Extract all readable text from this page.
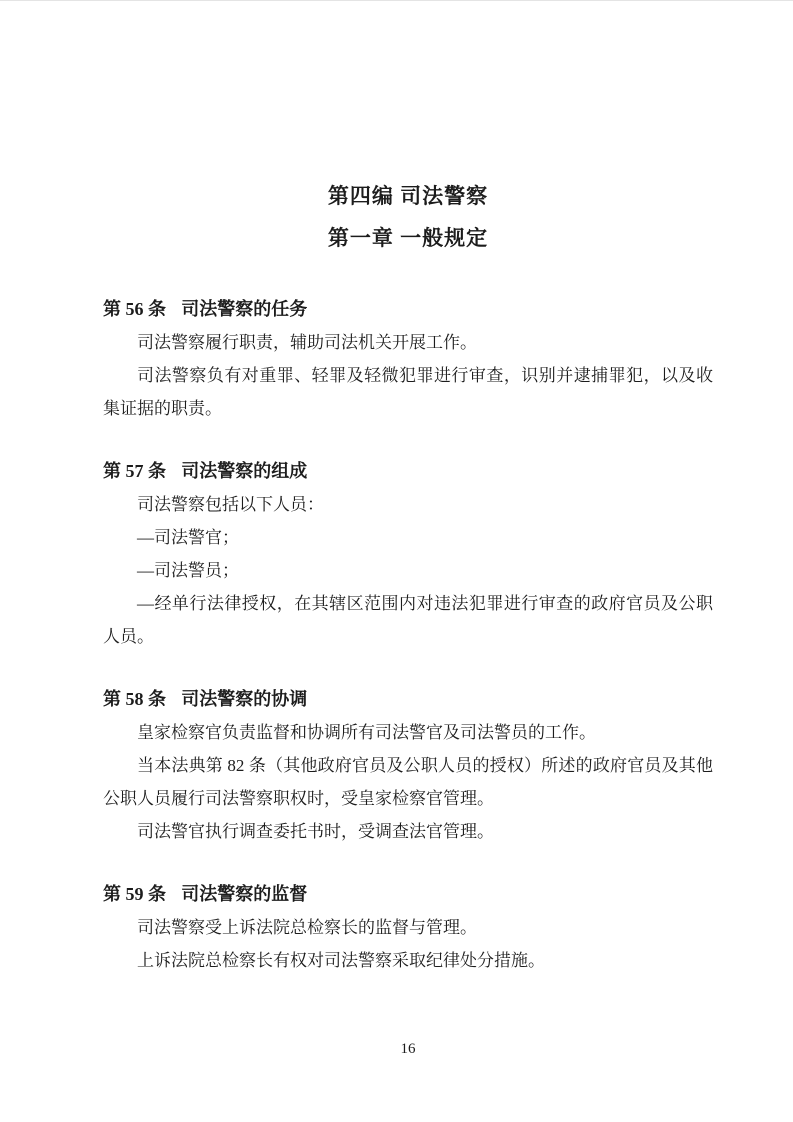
第四编 司法警察
第一章 一般规定
第 56 条 司法警察的任务

司法警察履行职责，辅助司法机关开展工作。

司法警察负有对重罪、轻罪及轻微犯罪进行审查，识别并逮捕罪犯，以及收集证据的职责。

第 57 条 司法警察的组成

司法警察包括以下人员：

—司法警官；

—司法警员；

—经单行法律授权，在其辖区范围内对违法犯罪进行审查的政府官员及公职人员。

第 58 条 司法警察的协调

皇家检察官负责监督和协调所有司法警官及司法警员的工作。

当本法典第 82 条（其他政府官员及公职人员的授权）所述的政府官员及其他公职人员履行司法警察职权时，受皇家检察官管理。

司法警官执行调查委托书时，受调查法官管理。

第 59 条 司法警察的监督

司法警察受上诉法院总检察长的监督与管理。

上诉法院总检察长有权对司法警察采取纪律处分措施。

16
